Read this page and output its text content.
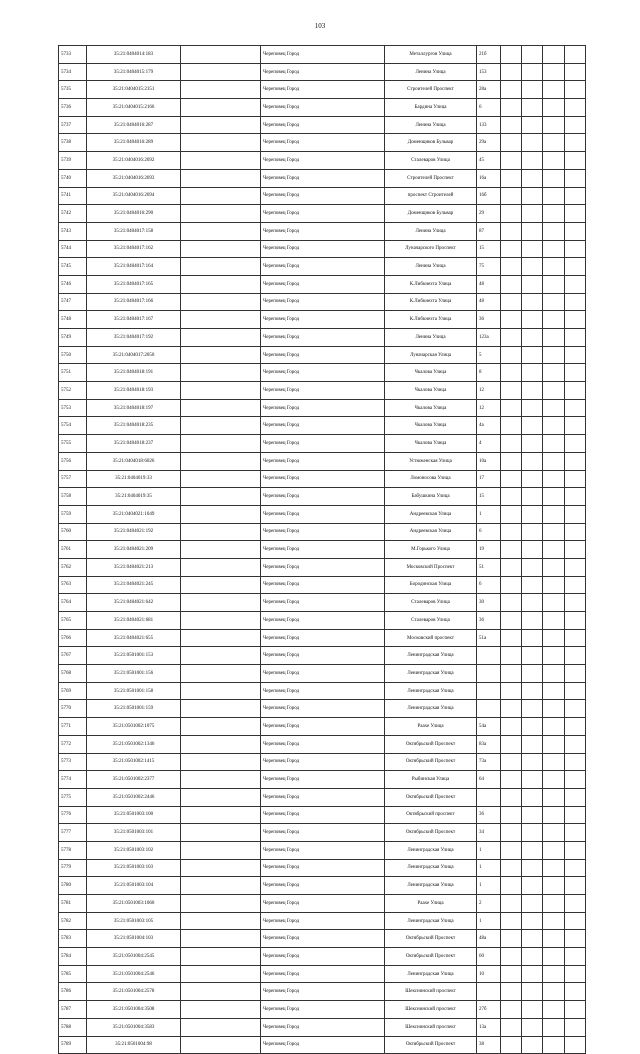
103
5733	35:21:0404014:183		Череповец Город	Металлургов Улица	21б				
5734	35:21:0404015:179		Череповец Город	Ленина Улица	153				
5735	35:21:0404015:2151		Череповец Город	Строителей Проспект	28а				
5736	35:21:0404015:2166		Череповец Город	Бардина Улица	6				
5737	35:21:0404016:287		Череповец Город	Ленина Улица	133				
5738	35:21:0404016:289		Череповец Город	Доменщиков Бульвар	29а				
5739	35:21:0404016:2692		Череповец Город	Сталеваров Улица	45				
5740	35:21:0404016:2693		Череповец Город	Строителей Проспект	16а				
5741	35:21:0404016:2694		Череповец Город	проспект Строителей	16б				
5742	35:21:0404016:290		Череповец Город	Доменщиков Бульвар	29				
5743	35:21:0404017:158		Череповец Город	Ленина Улица	87				
5744	35:21:0404017:162		Череповец Город	Луначарского Проспект	15				
5745	35:21:0404017:164		Череповец Город	Ленина Улица	75				
5746	35:21:0404017:165		Череповец Город	К.Либкнехта Улица	48				
5747	35:21:0404017:166		Череповец Город	К.Либкнехта Улица	48				
5748	35:21:0404017:167		Череповец Город	К.Либкнехта Улица	36				
5749	35:21:0404017:192		Череповец Город	Ленина Улица	123а				
5750	35:21:0404017:2050		Череповец Город	Луначарская Улица	5				
5751	35:21:0404018:191		Череповец Город	Чкалова Улица	8				
5752	35:21:0404018:193		Череповец Город	Чкалова Улица	12				
5753	35:21:0404018:197		Череповец Город	Чкалова Улица	12				
5754	35:21:0404018:235		Череповец Город	Чкалова Улица	4а				
5755	35:21:0404018:237		Череповец Город	Чкалова Улица	4				
5756	35:21:0404018:6026		Череповец Город	Устюженская Улица	10а				
5757	35:21:0404019:33		Череповец Город	Ломоносова Улица	17				
5758	35:21:0404019:35		Череповец Город	Бабушкина Улица	15				
5759	35:21:0404021:1049		Череповец Город	Андреевская Улица	1				
5760	35:21:0404021:192		Череповец Город	Андреевская Улица	6				
5761	35:21:0404021:209		Череповец Город	М.Горького Улица	19				
5762	35:21:0404021:213		Череповец Город	Московский Проспект	51				
5763	35:21:0404021:245		Череповец Город	Бородинская Улица	6				
5764	35:21:0404021:642		Череповец Город	Сталеваров Улица	30				
5765	35:21:0404021:681		Череповец Город	Сталеваров Улица	36				
5766	35:21:0404021:655		Череповец Город	Московский проспект	51а				
5767	35:21:0501001:153		Череповец Город	Ленинградская Улица					
5768	35:21:0501001:156		Череповец Город	Ленинградская Улица					
5769	35:21:0501001:158		Череповец Город	Ленинградская Улица					
5770	35:21:0501001:159		Череповец Город	Ленинградская Улица					
5771	35:21:0501002:1075		Череповец Город	Раахе Улица	54а				
5772	35:21:0501002:1346		Череповец Город	Октябрьский Проспект	83а				
5773	35:21:0501002:1415		Череповец Город	Октябрьский Проспект	73а				
5774	35:21:0501002:2377		Череповец Город	Рыбинская Улица	64				
5775	35:21:0501002:2446		Череповец Город	Октябрьский Проспект					
5776	35:21:0501003:100		Череповец Город	Октябрьский проспект	36				
5777	35:21:0501003:101		Череповец Город	Октябрьский Проспект	34				
5778	35:21:0501003:102		Череповец Город	Ленинградская Улица	1				
5779	35:21:0501003:103		Череповец Город	Ленинградская Улица	1				
5780	35:21:0501003:104		Череповец Город	Ленинградская Улица	1				
5781	35:21:0501003:1060		Череповец Город	Раахе Улица	2				
5782	35:21:0501003:105		Череповец Город	Ленинградская Улица	1				
5783	35:21:0501004:103		Череповец Город	Октябрьский Проспект	48а				
5784	35:21:0501004:2545		Череповец Город	Октябрьский Проспект	60				
5785	35:21:0501004:2546		Череповец Город	Ленинградская Улица	10				
5786	35:21:0501004:2578		Череповец Город	Шекснинский проспект					
5787	35:21:0501004:3508		Череповец Город	Шекснинский проспект	27б				
5788	35:21:0501004:3583		Череповец Город	Шекснинский проспект	13а				
5789	35:21:0501004:98		Череповец Город	Октябрьский Проспект	38				
